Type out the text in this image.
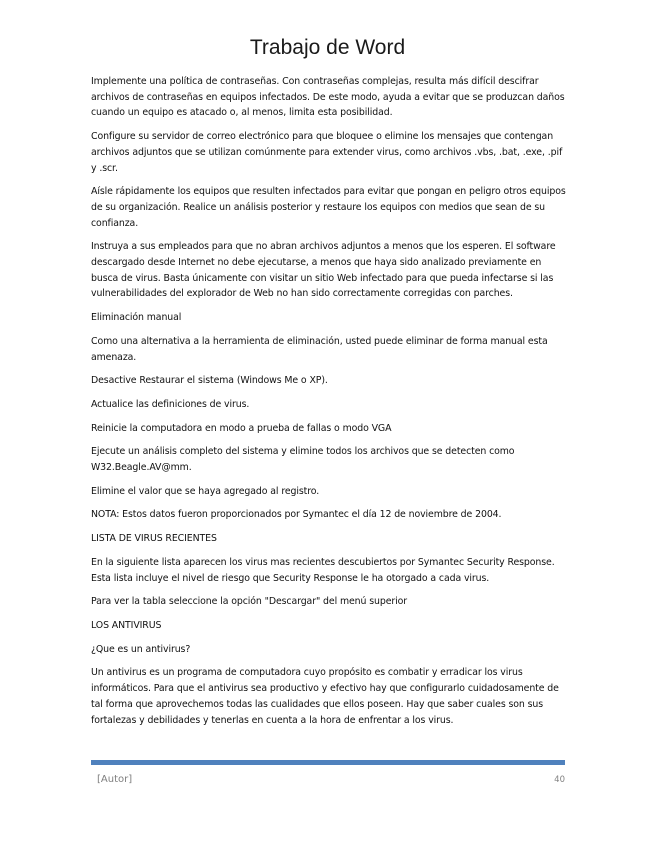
Trabajo de Word

Implemente una política de contraseñas. Con contraseñas complejas, resulta más difícil descifrar archivos de contraseñas en equipos infectados. De este modo, ayuda a evitar que se produzcan daños cuando un equipo es atacado o, al menos, limita esta posibilidad.

Configure su servidor de correo electrónico para que bloquee o elimine los mensajes que contengan archivos adjuntos que se utilizan comúnmente para extender virus, como archivos .vbs, .bat, .exe, .pif y .scr.

Aísle rápidamente los equipos que resulten infectados para evitar que pongan en peligro otros equipos de su organización. Realice un análisis posterior y restaure los equipos con medios que sean de su confianza.

Instruya a sus empleados para que no abran archivos adjuntos a menos que los esperen. El software descargado desde Internet no debe ejecutarse, a menos que haya sido analizado previamente en busca de virus. Basta únicamente con visitar un sitio Web infectado para que pueda infectarse si las vulnerabilidades del explorador de Web no han sido correctamente corregidas con parches.

Eliminación manual

Como una alternativa a la herramienta de eliminación, usted puede eliminar de forma manual esta amenaza.

Desactive Restaurar el sistema (Windows Me o XP).

Actualice las definiciones de virus.

Reinicie la computadora en modo a prueba de fallas o modo VGA

Ejecute un análisis completo del sistema y elimine todos los archivos que se detecten como W32.Beagle.AV@mm.

Elimine el valor que se haya agregado al registro.

NOTA: Estos datos fueron proporcionados por Symantec el día 12 de noviembre de 2004.

LISTA DE VIRUS RECIENTES

En la siguiente lista aparecen los virus mas recientes descubiertos por Symantec Security Response. Esta lista incluye el nivel de riesgo que Security Response le ha otorgado a cada virus.

Para ver la tabla seleccione la opción "Descargar" del menú superior

LOS ANTIVIRUS

¿Que es un antivirus?

Un antivirus es un programa de computadora cuyo propósito es combatir y erradicar los virus informáticos. Para que el antivirus sea productivo y efectivo hay que configurarlo cuidadosamente de tal forma que aprovechemos todas las cualidades que ellos poseen. Hay que saber cuales son sus fortalezas y debilidades y tenerlas en cuenta a la hora de enfrentar a los virus.

[Autor]	40
